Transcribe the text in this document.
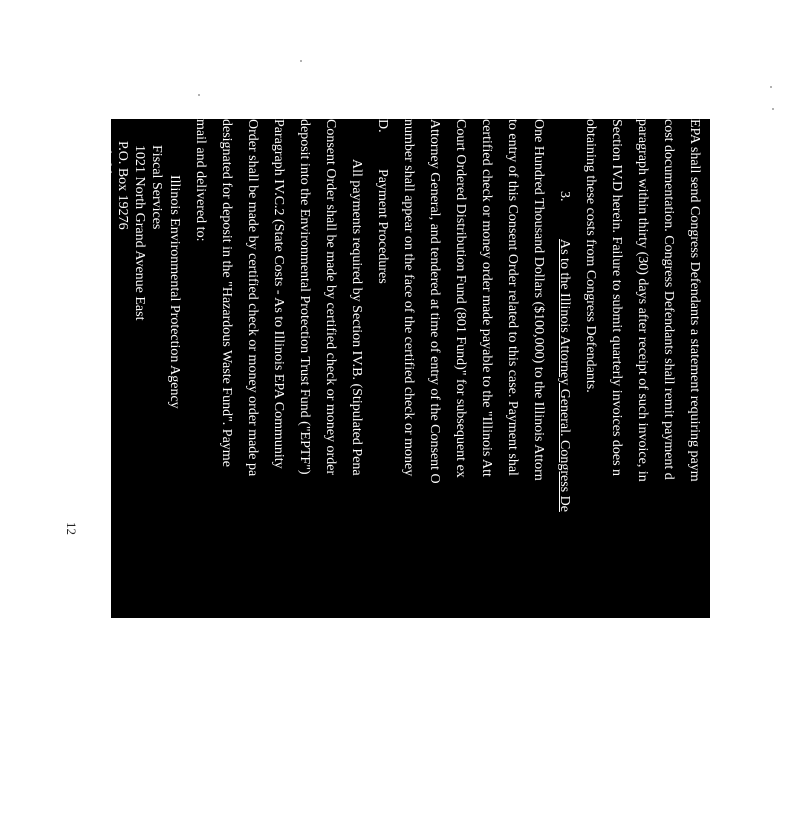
EPA shall send Congress Defendants a statement requiring paym
cost documentation. Congress Defendants shall remit payment d
paragraph within thirty (30) days after receipt of such invoice, in
Section IV.D herein. Failure to submit quarterly invoices does n
obtaining these costs from Congress Defendants.
3.
As to the Illinois Attorney General. Congress De
One Hundred Thousand Dollars ($100,000) to the Illinois Attorn
to entry of this Consent Order related to this case. Payment shal
certified check or money order made payable to the "Illinois Att
Court Ordered Distribution Fund (801 Fund)" for subsequent ex
Attorney General, and tendered at time of entry of the Consent O
number shall appear on the face of the certified check or money
D.
Payment Procedures
All payments required by Section IV.B. (Stipulated Pena
Consent Order shall be made by certified check or money order
deposit into the Environmental Protection Trust Fund ("EPTF")
Paragraph IV.C.2 (State Costs - As to Illinois EPA Community
Order shall be made by certified check or money order made pa
designated for deposit in the "Hazardous Waste Fund". Payme
mail and delivered to:
Illinois Environmental Protection Agency
Fiscal Services
1021 North Grand Avenue East
P.O. Box 19276
Springfield, IL 62794-9276
12
